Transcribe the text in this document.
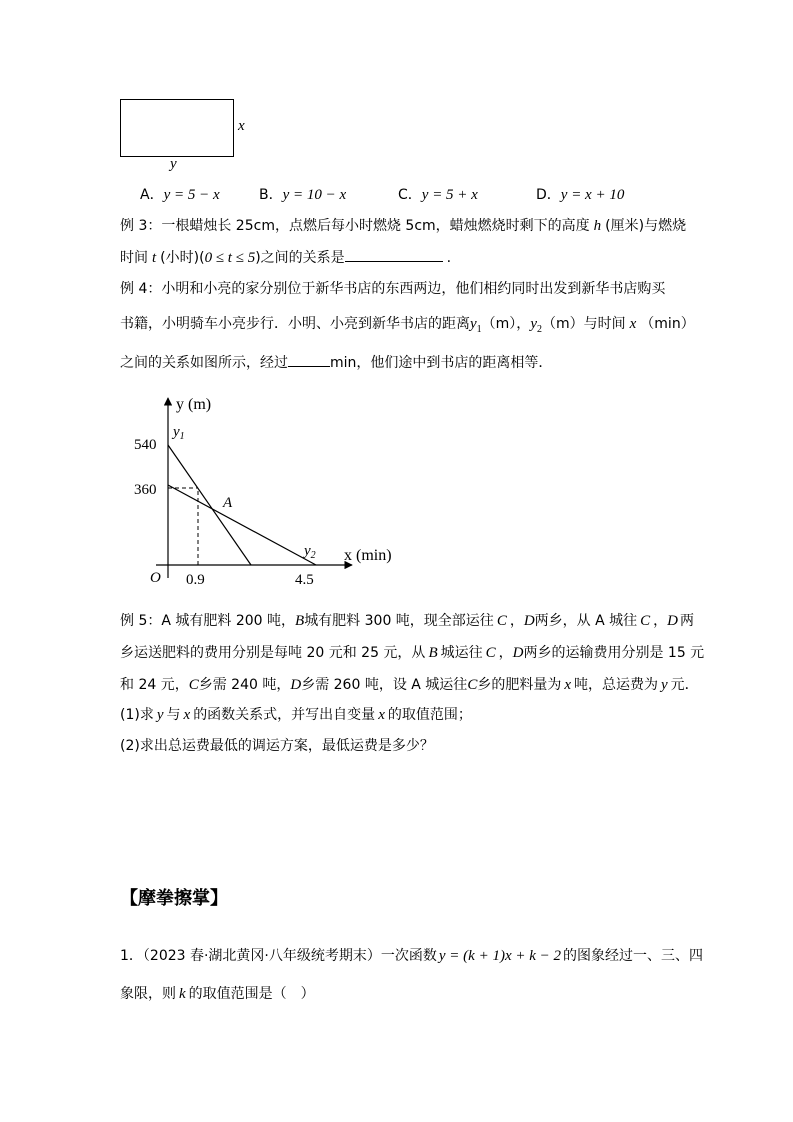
x
y
A．y = 5 − x	B．y = 10 − x	C．y = 5 + x	D．y = x + 10
例 3：一根蜡烛长 25cm，点燃后每小时燃烧 5cm，蜡烛燃烧时剩下的高度 h (厘米)与燃烧
时间 t (小时)(0 ≤ t ≤ 5)之间的关系是	.
例 4：小明和小亮的家分别位于新华书店的东西两边，他们相约同时出发到新华书店购买
书籍，小明骑车小亮步行．小明、小亮到新华书店的距离$y_1(m)$，$y_2(m)$与时间 x （min）
之间的关系如图所示，经过	min，他们途中到书店的距离相等．
y (m)
x (min)
O
540
360
0.9	4.5
A
$y_1$
$y_2$
例 5：A 城有肥料 200 吨，B城有肥料 300 吨，现全部运往 C ，D两乡，从 A 城往 C ，D 两
乡运送肥料的费用分别是每吨 20 元和 25 元，从 B 城运往 C ，D两乡的运输费用分别是 15 元
和 24 元，C乡需 240 吨，D乡需 260 吨，设 A 城运往C乡的肥料量为 x 吨，总运费为 y 元．
(1)求 y 与 x 的函数关系式，并写出自变量 x 的取值范围；
(2)求出总运费最低的调运方案，最低运费是多少？
【摩拳擦掌】
1．（2023 春·湖北黄冈·八年级统考期末）一次函数 y = (k + 1)x + k − 2 的图象经过一、三、四
象限，则 k 的取值范围是（　）
